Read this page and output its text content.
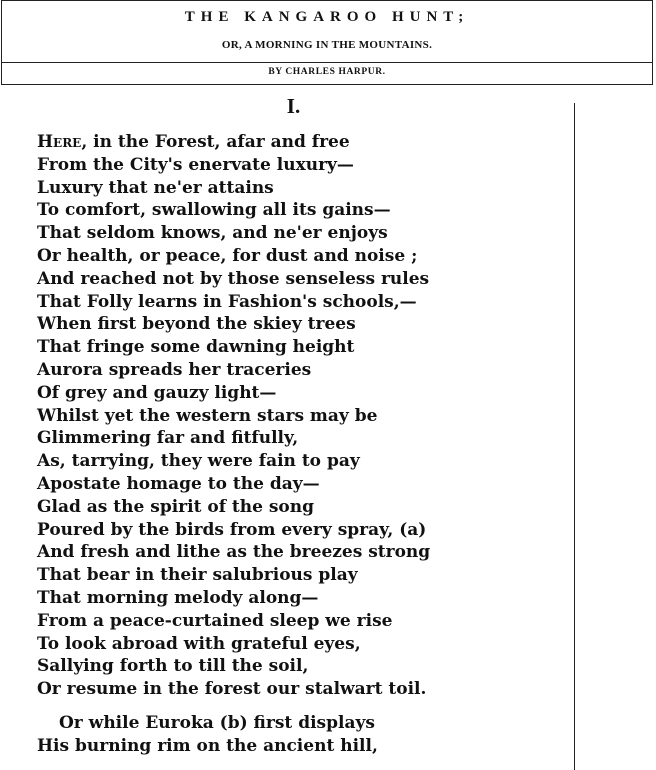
THE KANGAROO HUNT;
OR, A MORNING IN THE MOUNTAINS.
BY CHARLES HARPUR.
I.
Here, in the Forest, afar and free
From the City's enervate luxury—
Luxury that ne'er attains
To comfort, swallowing all its gains—
That seldom knows, and ne'er enjoys
Or health, or peace, for dust and noise ;
And reached not by those senseless rules
That Folly learns in Fashion's schools,—
When first beyond the skiey trees
That fringe some dawning height
Aurora spreads her traceries
Of grey and gauzy light—
Whilst yet the western stars may be
Glimmering far and fitfully,
As, tarrying, they were fain to pay
Apostate homage to the day—
Glad as the spirit of the song
Poured by the birds from every spray, (a)
And fresh and lithe as the breezes strong
That bear in their salubrious play
That morning melody along—
From a peace-curtained sleep we rise
To look abroad with grateful eyes,
Sallying forth to till the soil,
Or resume in the forest our stalwart toil.
Or while Euroka (b) first displays
His burning rim on the ancient hill,
